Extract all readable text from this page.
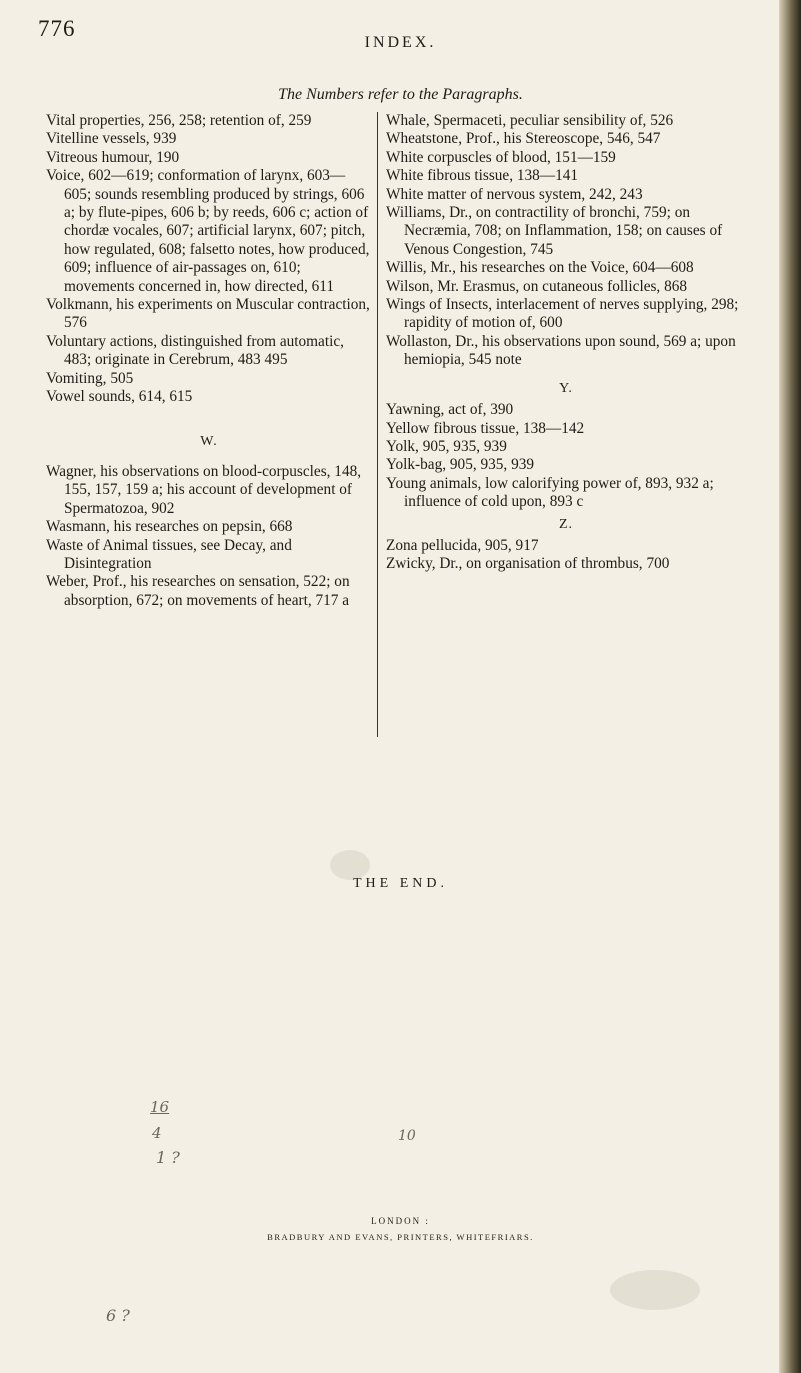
776
INDEX.
The Numbers refer to the Paragraphs.

Vital properties, 256, 258; retention of, 259

Vitelline vessels, 939

Vitreous humour, 190

Voice, 602—619; conformation of larynx, 603—605; sounds resembling produced by strings, 606 a; by flute-pipes, 606 b; by reeds, 606 c; action of chordæ vocales, 607; artificial larynx, 607; pitch, how regulated, 608; falsetto notes, how produced, 609; influence of air-passages on, 610; movements concerned in, how directed, 611

Volkmann, his experiments on Muscular contraction, 576

Voluntary actions, distinguished from automatic, 483; originate in Cerebrum, 483 495

Vomiting, 505

Vowel sounds, 614, 615

W.

Wagner, his observations on blood-corpuscles, 148, 155, 157, 159 a; his account of development of Spermatozoa, 902

Wasmann, his researches on pepsin, 668

Waste of Animal tissues, see Decay, and Disintegration

Weber, Prof., his researches on sensation, 522; on absorption, 672; on movements of heart, 717 a

Whale, Spermaceti, peculiar sensibility of, 526

Wheatstone, Prof., his Stereoscope, 546, 547

White corpuscles of blood, 151—159

White fibrous tissue, 138—141

White matter of nervous system, 242, 243

Williams, Dr., on contractility of bronchi, 759; on Necræmia, 708; on Inflammation, 158; on causes of Venous Congestion, 745

Willis, Mr., his researches on the Voice, 604—608

Wilson, Mr. Erasmus, on cutaneous follicles, 868

Wings of Insects, interlacement of nerves supplying, 298; rapidity of motion of, 600

Wollaston, Dr., his observations upon sound, 569 a; upon hemiopia, 545 note

Y.

Yawning, act of, 390

Yellow fibrous tissue, 138—142

Yolk, 905, 935, 939

Yolk-bag, 905, 935, 939

Young animals, low calorifying power of, 893, 932 a; influence of cold upon, 893 c

Z.

Zona pellucida, 905, 917

Zwicky, Dr., on organisation of thrombus, 700

THE END.
16
4
1 ?
10
6 ?
LONDON :
BRADBURY AND EVANS, PRINTERS, WHITEFRIARS.
